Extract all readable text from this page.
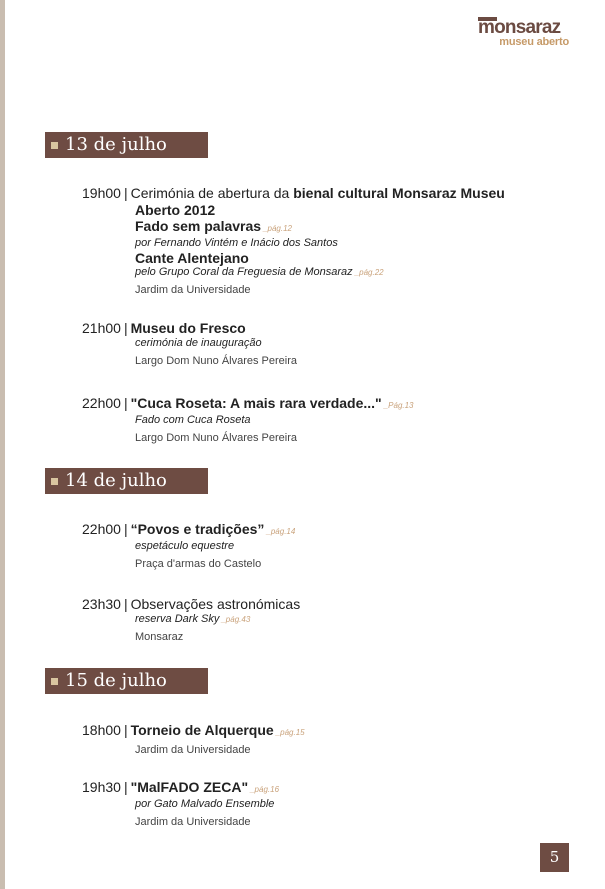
monsaraz
museu aberto
13 de julho
19h00 | Cerimónia de abertura da bienal cultural Monsaraz Museu
Aberto 2012
Fado sem palavras _pág.12
por Fernando Vintém e Inácio dos Santos
Cante Alentejano
pelo Grupo Coral da Freguesia de Monsaraz _pág.22
Jardim da Universidade
21h00 | Museu do Fresco
cerimónia de inauguração
Largo Dom Nuno Álvares Pereira
22h00 | "Cuca Roseta: A mais rara verdade..." _Pág.13
Fado com Cuca Roseta
Largo Dom Nuno Álvares Pereira
14 de julho
22h00 | “Povos e tradições” _pág.14
espetáculo equestre
Praça d'armas do Castelo
23h30 | Observações astronómicas
reserva Dark Sky _pág.43
Monsaraz
15 de julho
18h00 | Torneio de Alquerque _pág.15
Jardim da Universidade
19h30 | "MalFADO ZECA" _pág.16
por Gato Malvado Ensemble
Jardim da Universidade
5
